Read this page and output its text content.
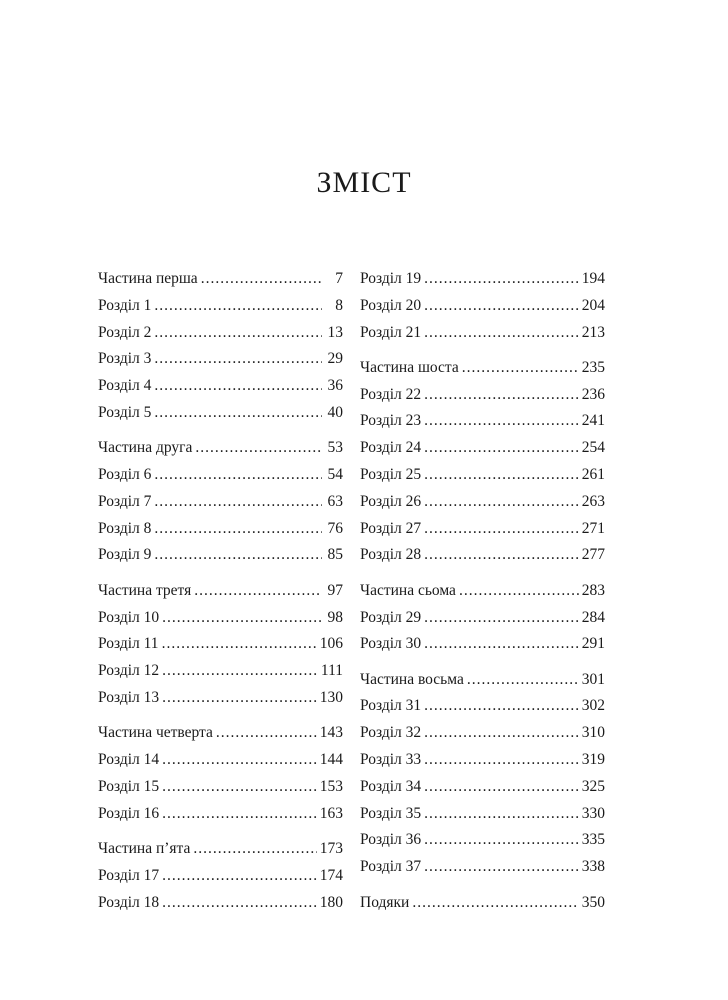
ЗМІСТ
Частина перша .....	7
Розділ 1 .....	8
Розділ 2 .....	13
Розділ 3 .....	29
Розділ 4 .....	36
Розділ 5 .....	40
Частина друга .....	53
Розділ 6 .....	54
Розділ 7 .....	63
Розділ 8 .....	76
Розділ 9 .....	85
Частина третя .....	97
Розділ 10 .....	98
Розділ 11 .....	106
Розділ 12 .....	111
Розділ 13 .....	130
Частина четверта .....	143
Розділ 14 .....	144
Розділ 15 .....	153
Розділ 16 .....	163
Частина п’ята .....	173
Розділ 17 .....	174
Розділ 18 .....	180
Розділ 19 .....	194
Розділ 20 .....	204
Розділ 21 .....	213
Частина шоста .....	235
Розділ 22 .....	236
Розділ 23 .....	241
Розділ 24 .....	254
Розділ 25 .....	261
Розділ 26 .....	263
Розділ 27 .....	271
Розділ 28 .....	277
Частина сьома .....	283
Розділ 29 .....	284
Розділ 30 .....	291
Частина восьма .....	301
Розділ 31 .....	302
Розділ 32 .....	310
Розділ 33 .....	319
Розділ 34 .....	325
Розділ 35 .....	330
Розділ 36 .....	335
Розділ 37 .....	338
Подяки .....	350
